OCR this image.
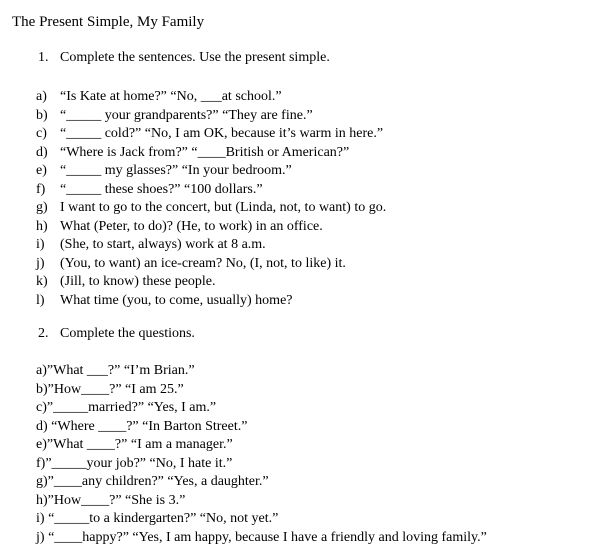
The Present Simple, My Family
1. Complete the sentences. Use the present simple.
a) “Is Kate at home?” “No, ___at school.”
b) “_____ your grandparents?” “They are fine.”
c) “_____ cold?” “No, I am OK, because it’s warm in here.”
d) “Where is Jack from?” “____British or American?”
e) “_____ my glasses?” “In your bedroom.”
f) “_____ these shoes?” “100 dollars.”
g) I want to go to the concert, but (Linda, not, to want) to go.
h) What (Peter, to do)? (He, to work) in an office.
i) (She, to start, always) work at 8 a.m.
j) (You, to want) an ice-cream? No, (I, not, to like) it.
k) (Jill, to know) these people.
l) What time (you, to come, usually) home?
2. Complete the questions.
a)”What ___?” “I’m Brian.”
b)”How____?” “I am 25.”
c)”_____married?” “Yes, I am.”
d) “Where ____?” “In Barton Street.”
e)”What ____?” “I am a manager.”
f)”_____your job?” “No, I hate it.”
g)”____any children?” “Yes, a daughter.”
h)”How____?” “She is 3.”
i) “_____to a kindergarten?” “No, not yet.”
j) “____happy?” “Yes, I am happy, because I have a friendly and loving family.”
